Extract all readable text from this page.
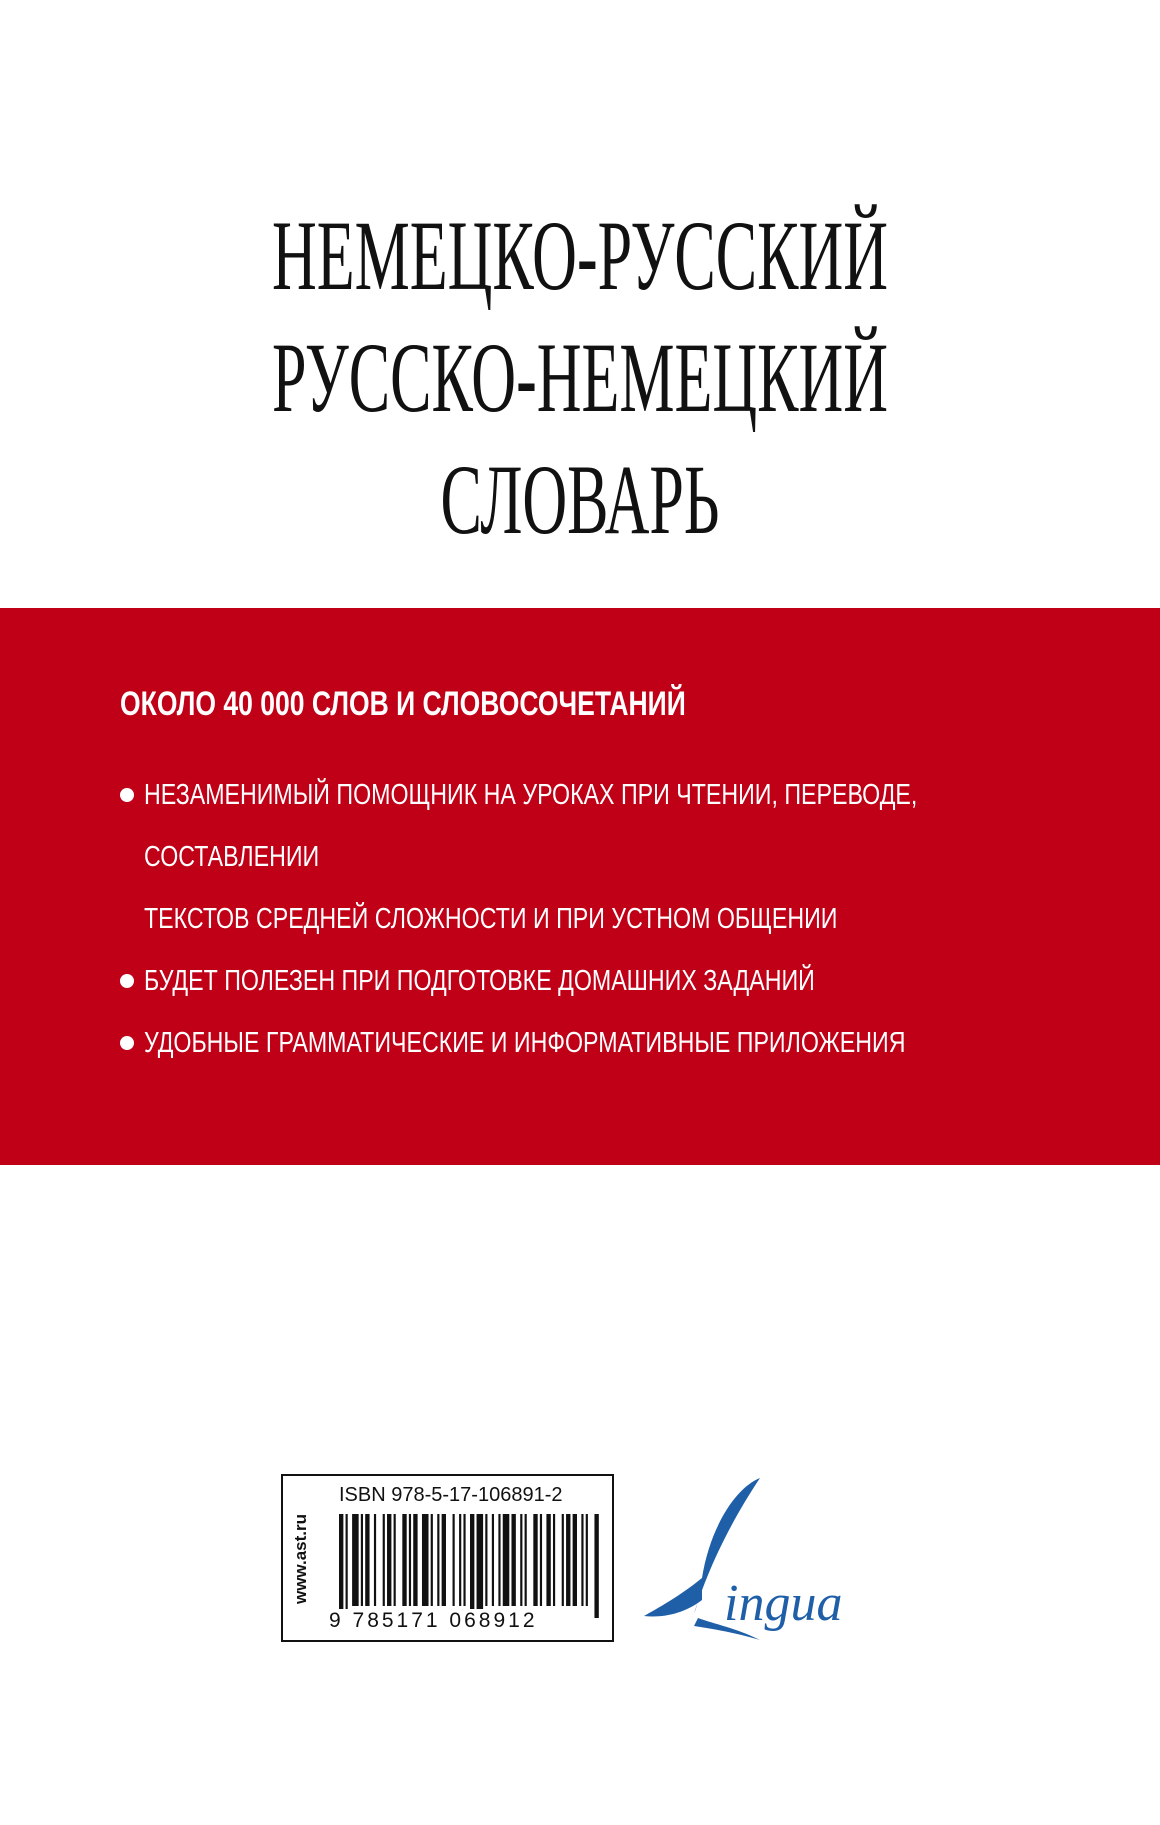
НЕМЕЦКО-РУССКИЙ
РУССКО-НЕМЕЦКИЙ
СЛОВАРЬ
ОКОЛО 40 000 СЛОВ И СЛОВОСОЧЕТАНИЙ
НЕЗАМЕНИМЫЙ ПОМОЩНИК НА УРОКАХ ПРИ ЧТЕНИИ, ПЕРЕВОДЕ, СОСТАВЛЕНИИ
ТЕКСТОВ СРЕДНЕЙ СЛОЖНОСТИ И ПРИ УСТНОМ ОБЩЕНИИ
БУДЕТ ПОЛЕЗЕН ПРИ ПОДГОТОВКЕ ДОМАШНИХ ЗАДАНИЙ
УДОБНЫЕ ГРАММАТИЧЕСКИЕ И ИНФОРМАТИВНЫЕ ПРИЛОЖЕНИЯ
www.ast.ru
ISBN 978-5-17-106891-2
9 785171 068912	ingua
